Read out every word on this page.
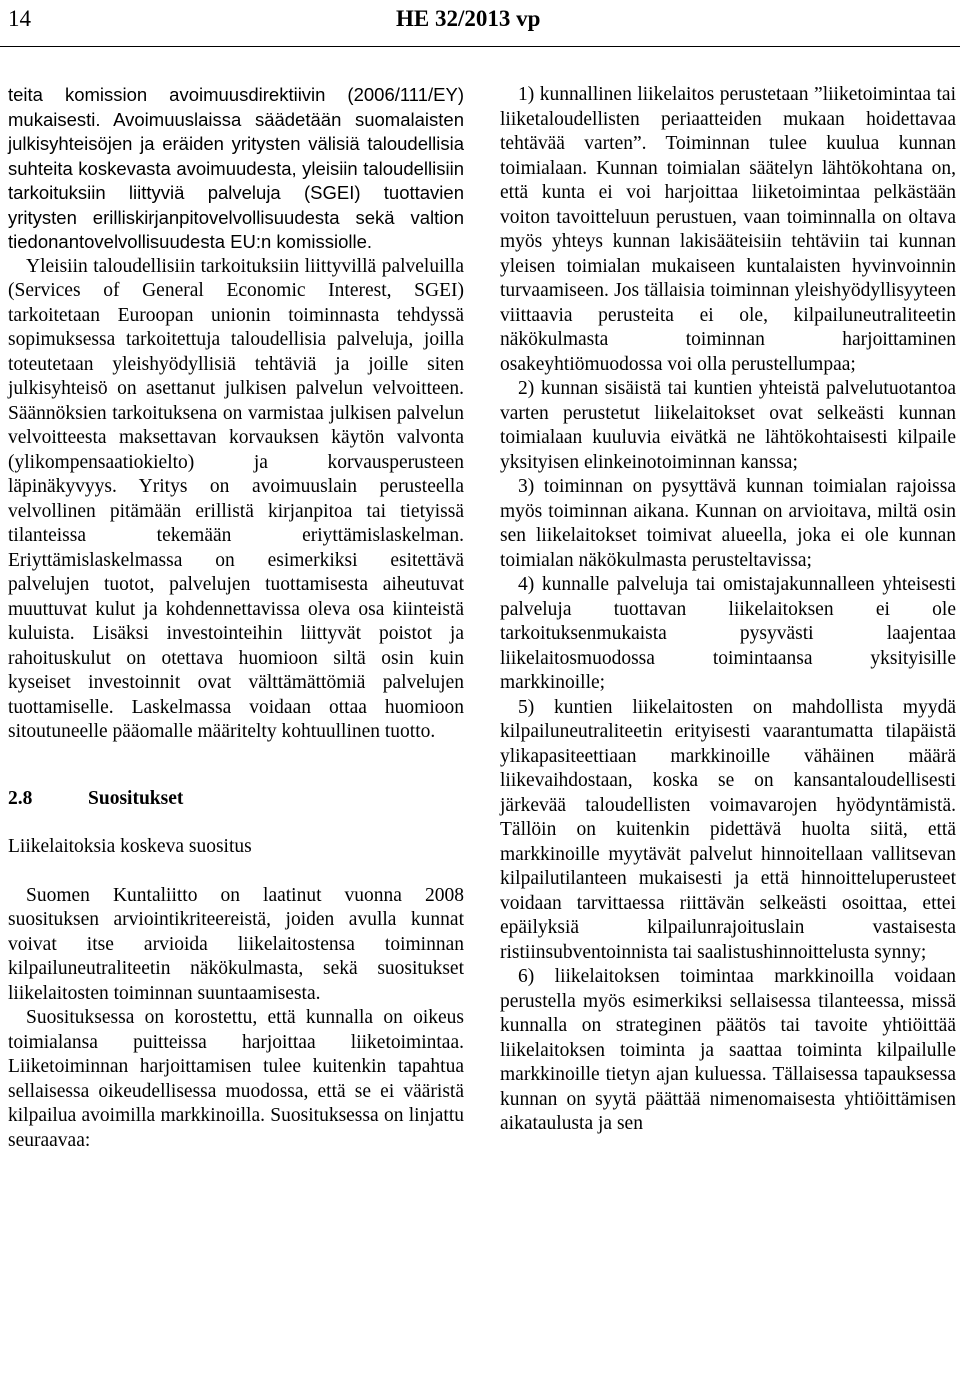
14	HE 32/2013 vp

teita komission avoimuusdirektiivin (2006/111/EY) mukaisesti. Avoimuuslaissa säädetään suomalaisten julkisyhteisöjen ja eräiden yritysten välisiä taloudellisia suhteita koskevasta avoimuudesta, yleisiin taloudellisiin tarkoituksiin liittyviä palveluja (SGEI) tuottavien yritysten erilliskirjanpitovelvollisuudesta sekä valtion tiedonantovelvollisuudesta EU:n komissiolle.

Yleisiin taloudellisiin tarkoituksiin liittyvillä palveluilla (Services of General Economic Interest, SGEI) tarkoitetaan Euroopan unionin toiminnasta tehdyssä sopimuksessa tarkoitettuja taloudellisia palveluja, joilla toteutetaan yleishyödyllisiä tehtäviä ja joille siten julkisyhteisö on asettanut julkisen palvelun velvoitteen. Säännöksien tarkoituksena on varmistaa julkisen palvelun velvoitteesta maksettavan korvauksen käytön valvonta (ylikompensaatiokielto) ja korvausperusteen läpinäkyvyys. Yritys on avoimuuslain perusteella velvollinen pitämään erillistä kirjanpitoa tai tietyissä tilanteissa tekemään eriyttämislaskelman. Eriyttämislaskelmassa on esimerkiksi esitettävä palvelujen tuotot, palvelujen tuottamisesta aiheutuvat muuttuvat kulut ja kohdennettavissa oleva osa kiinteistä kuluista. Lisäksi investointeihin liittyvät poistot ja rahoituskulut on otettava huomioon siltä osin kuin kyseiset investoinnit ovat välttämättömiä palvelujen tuottamiselle. Laskelmassa voidaan ottaa huomioon sitoutuneelle pääomalle määritelty kohtuullinen tuotto.

2.8	Suositukset
Liikelaitoksia koskeva suositus

Suomen Kuntaliitto on laatinut vuonna 2008 suosituksen arviointikriteereistä, joiden avulla kunnat voivat itse arvioida liikelaitostensa toiminnan kilpailuneutraliteetin näkökulmasta, sekä suositukset liikelaitosten toiminnan suuntaamisesta.

Suosituksessa on korostettu, että kunnalla on oikeus toimialansa puitteissa harjoittaa liiketoimintaa. Liiketoiminnan harjoittamisen tulee kuitenkin tapahtua sellaisessa oikeudellisessa muodossa, että se ei vääristä kilpailua avoimilla markkinoilla. Suosituksessa on linjattu seuraavaa:

1) kunnallinen liikelaitos perustetaan ”liiketoimintaa tai liiketaloudellisten periaatteiden mukaan hoidettavaa tehtävää varten”. Toiminnan tulee kuulua kunnan toimialaan. Kunnan toimialan säätelyn lähtökohtana on, että kunta ei voi harjoittaa liiketoimintaa pelkästään voiton tavoitteluun perustuen, vaan toiminnalla on oltava myös yhteys kunnan lakisääteisiin tehtäviin tai kunnan yleisen toimialan mukaiseen kuntalaisten hyvinvoinnin turvaamiseen. Jos tällaisia toiminnan yleishyödyllisyyteen viittaavia perusteita ei ole, kilpailuneutraliteetin näkökulmasta toiminnan harjoittaminen osakeyhtiömuodossa voi olla perustellumpaa;

2) kunnan sisäistä tai kuntien yhteistä palvelutuotantoa varten perustetut liikelaitokset ovat selkeästi kunnan toimialaan kuuluvia eivätkä ne lähtökohtaisesti kilpaile yksityisen elinkeinotoiminnan kanssa;

3) toiminnan on pysyttävä kunnan toimialan rajoissa myös toiminnan aikana. Kunnan on arvioitava, miltä osin sen liikelaitokset toimivat alueella, joka ei ole kunnan toimialan näkökulmasta perusteltavissa;

4) kunnalle palveluja tai omistajakunnalleen yhteisesti palveluja tuottavan liikelaitoksen ei ole tarkoituksenmukaista pysyvästi laajentaa liikelaitosmuodossa toimintaansa yksityisille markkinoille;

5) kuntien liikelaitosten on mahdollista myydä kilpailuneutraliteetin erityisesti vaarantumatta tilapäistä ylikapasiteettiaan markkinoille vähäinen määrä liikevaihdostaan, koska se on kansantaloudellisesti järkevää taloudellisten voimavarojen hyödyntämistä. Tällöin on kuitenkin pidettävä huolta siitä, että markkinoille myytävät palvelut hinnoitellaan vallitsevan kilpailutilanteen mukaisesti ja että hinnoitteluperusteet voidaan tarvittaessa riittävän selkeästi osoittaa, ettei epäilyksiä kilpailunrajoituslain vastaisesta ristiinsubventoinnista tai saalistushinnoittelusta synny;

6) liikelaitoksen toimintaa markkinoilla voidaan perustella myös esimerkiksi sellaisessa tilanteessa, missä kunnalla on strateginen päätös tai tavoite yhtiöittää liikelaitoksen toiminta ja saattaa toiminta kilpailulle markkinoille tietyn ajan kuluessa. Tällaisessa tapauksessa kunnan on syytä päättää nimenomaisesta yhtiöittämisen aikataulusta ja sen
